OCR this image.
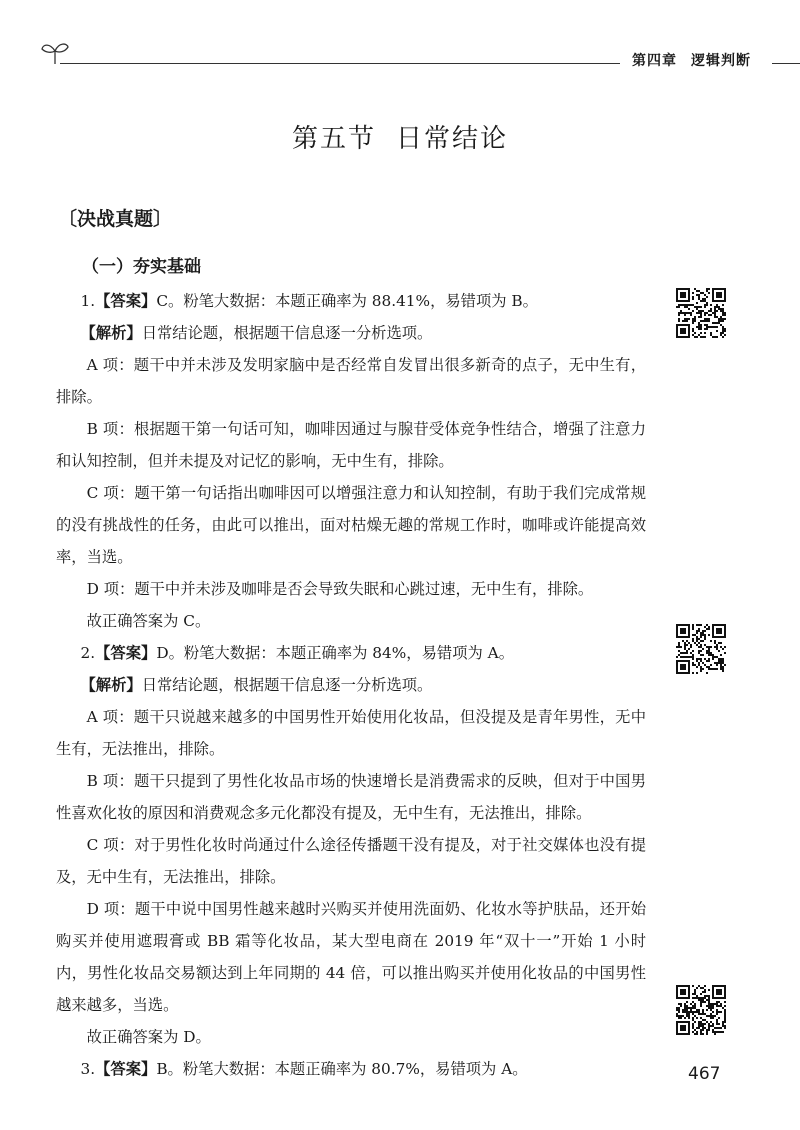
第四章 逻辑判断
第五节 日常结论
〔决战真题〕
（一）夯实基础

1.【答案】C。粉笔大数据：本题正确率为 88.41%，易错项为 B。

【解析】日常结论题，根据题干信息逐一分析选项。

A 项：题干中并未涉及发明家脑中是否经常自发冒出很多新奇的点子，无中生有，排除。

B 项：根据题干第一句话可知，咖啡因通过与腺苷受体竞争性结合，增强了注意力和认知控制，但并未提及对记忆的影响，无中生有，排除。

C 项：题干第一句话指出咖啡因可以增强注意力和认知控制，有助于我们完成常规的没有挑战性的任务，由此可以推出，面对枯燥无趣的常规工作时，咖啡或许能提高效率，当选。

D 项：题干中并未涉及咖啡是否会导致失眠和心跳过速，无中生有，排除。

故正确答案为 C。

2.【答案】D。粉笔大数据：本题正确率为 84%，易错项为 A。

【解析】日常结论题，根据题干信息逐一分析选项。

A 项：题干只说越来越多的中国男性开始使用化妆品，但没提及是青年男性，无中生有，无法推出，排除。

B 项：题干只提到了男性化妆品市场的快速增长是消费需求的反映，但对于中国男性喜欢化妆的原因和消费观念多元化都没有提及，无中生有，无法推出，排除。

C 项：对于男性化妆时尚通过什么途径传播题干没有提及，对于社交媒体也没有提及，无中生有，无法推出，排除。

D 项：题干中说中国男性越来越时兴购买并使用洗面奶、化妆水等护肤品，还开始购买并使用遮瑕膏或 BB 霜等化妆品，某大型电商在 2019 年“双十一”开始 1 小时内，男性化妆品交易额达到上年同期的 44 倍，可以推出购买并使用化妆品的中国男性越来越多，当选。

故正确答案为 D。

3.【答案】B。粉笔大数据：本题正确率为 80.7%，易错项为 A。	467
